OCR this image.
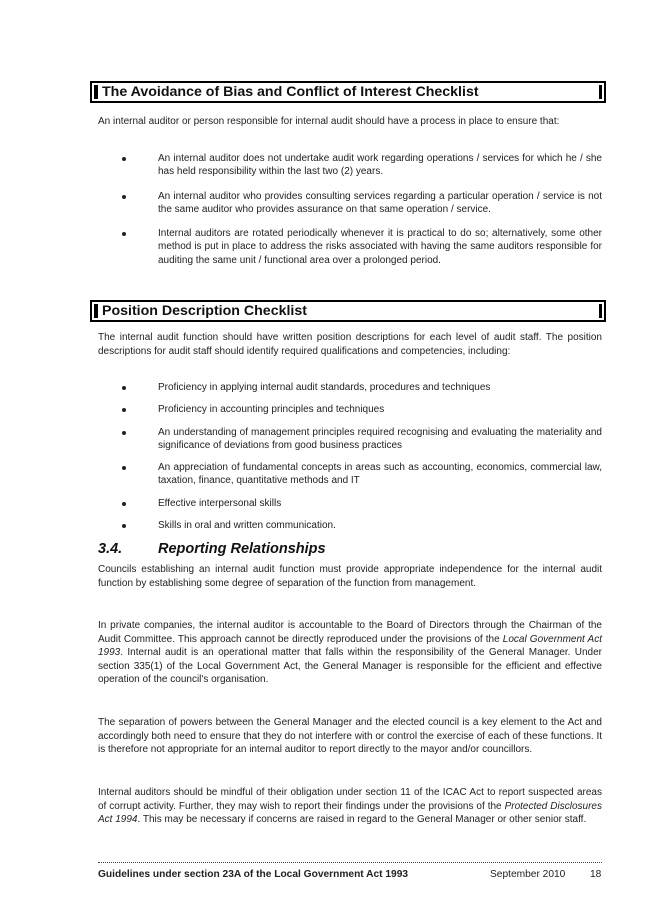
The Avoidance of Bias and Conflict of Interest Checklist

An internal auditor or person responsible for internal audit should have a process in place to ensure that:

An internal auditor does not undertake audit work regarding operations / services for which he / she has held responsibility within the last two (2) years.
An internal auditor who provides consulting services regarding a particular operation / service is not the same auditor who provides assurance on that same operation / service.
Internal auditors are rotated periodically whenever it is practical to do so; alternatively, some other method is put in place to address the risks associated with having the same auditors responsible for auditing the same unit / functional area over a prolonged period.
Position Description Checklist

The internal audit function should have written position descriptions for each level of audit staff. The position descriptions for audit staff should identify required qualifications and competencies, including:

Proficiency in applying internal audit standards, procedures and techniques
Proficiency in accounting principles and techniques
An understanding of management principles required recognising and evaluating the materiality and significance of deviations from good business practices
An appreciation of fundamental concepts in areas such as accounting, economics, commercial law, taxation, finance, quantitative methods and IT
Effective interpersonal skills
Skills in oral and written communication.
3.4. Reporting Relationships

Councils establishing an internal audit function must provide appropriate independence for the internal audit function by establishing some degree of separation of the function from management.

In private companies, the internal auditor is accountable to the Board of Directors through the Chairman of the Audit Committee. This approach cannot be directly reproduced under the provisions of the Local Government Act 1993. Internal audit is an operational matter that falls within the responsibility of the General Manager. Under section 335(1) of the Local Government Act, the General Manager is responsible for the efficient and effective operation of the council's organisation.

The separation of powers between the General Manager and the elected council is a key element to the Act and accordingly both need to ensure that they do not interfere with or control the exercise of each of these functions. It is therefore not appropriate for an internal auditor to report directly to the mayor and/or councillors.

Internal auditors should be mindful of their obligation under section 11 of the ICAC Act to report suspected areas of corrupt activity. Further, they may wish to report their findings under the provisions of the Protected Disclosures Act 1994. This may be necessary if concerns are raised in regard to the General Manager or other senior staff.

Guidelines under section 23A of the Local Government Act 1993	September 2010 18
